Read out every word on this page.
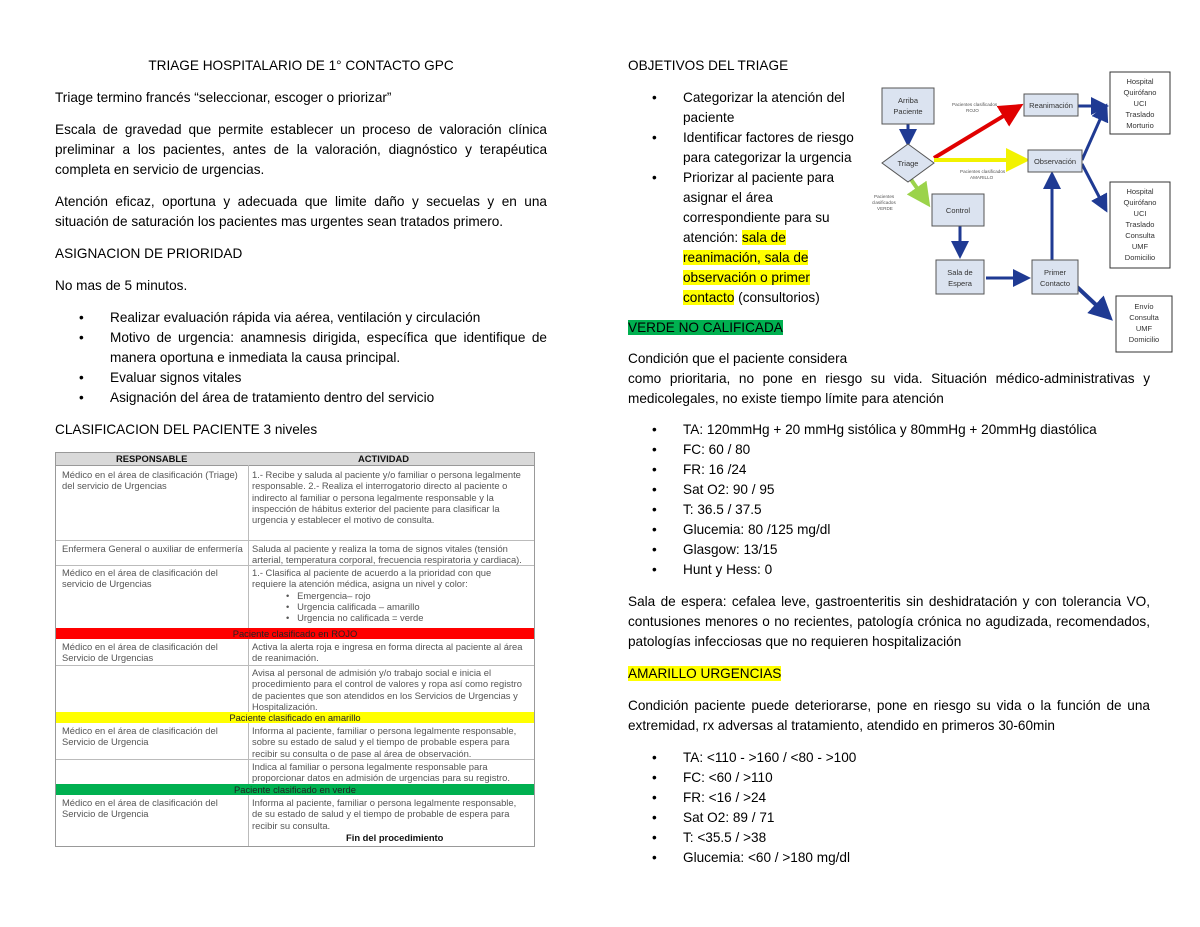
TRIAGE HOSPITALARIO DE 1° CONTACTO GPC

Triage termino francés “seleccionar, escoger o priorizar”

Escala de gravedad que permite establecer un proceso de valoración clínica preliminar a los pacientes, antes de la valoración, diagnóstico y terapéutica completa en servicio de urgencias.

Atención eficaz, oportuna y adecuada que limite daño y secuelas y en una situación de saturación los pacientes mas urgentes sean tratados primero.

ASIGNACION DE PRIORIDAD

No mas de 5 minutos.

• Realizar evaluación rápida via aérea, ventilación y circulación
• Motivo de urgencia: anamnesis dirigida, específica que identifique de manera oportuna e inmediata la causa principal.
• Evaluar signos vitales
• Asignación del área de tratamiento dentro del servicio

CLASIFICACION DEL PACIENTE 3 niveles

RESPONSABLE	ACTIVIDAD
Médico en el área de clasificación (Triage) del servicio de Urgencias
1.- Recibe y saluda al paciente y/o familiar o persona legalmente responsable. 2.- Realiza el interrogatorio directo al paciente o indirecto al familiar o persona legalmente responsable y la inspección de hábitus exterior del paciente para clasificar la urgencia y establecer el motivo de consulta.
Enfermera General o auxiliar de enfermería Saluda al paciente y realiza la toma de signos vitales (tensión arterial, temperatura corporal, frecuencia respiratoria y cardiaca).
Médico en el área de clasificación del servicio de Urgencias
1.- Clasifica al paciente de acuerdo a la prioridad con que requiere la atención médica, asigna un nivel y color:
•   Emergencia– rojo
•   Urgencia calificada – amarillo
•   Urgencia no calificada = verde
Paciente clasificado en ROJO
Médico en el área de clasificación del Servicio de Urgencias
Activa la alerta roja e ingresa en forma directa al paciente al área de reanimación.
Avisa al personal de admisión y/o trabajo social e inicia el procedimiento para el control de valores y ropa así como registro de pacientes que son atendidos en los Servicios de Urgencias y Hospitalización.
Paciente clasificado en amarillo
Médico en el área de clasificación del Servicio de Urgencia
Informa al paciente, familiar o persona legalmente responsable, sobre su estado de salud y el tiempo de probable espera para recibir su consulta o de pase al área de observación.
Indica al familiar o persona legalmente responsable para proporcionar datos en admisión de urgencias para su registro.
Paciente clasificado en verde
Médico en el área de clasificación del Servicio de Urgencia
Informa al paciente, familiar o persona legalmente responsable, de su estado de salud y el tiempo de probable de espera para recibir su consulta.
Fin del procedimiento

OBJETIVOS DEL TRIAGE

• Categorizar la atención del paciente
• Identificar factores de riesgo para categorizar la urgencia
• Priorizar al paciente para asignar el área correspondiente para su atención: sala de reanimación, sala de observación o primer contacto (consultorios)

VERDE NO CALIFICADA

Condición que el paciente considera

como prioritaria, no pone en riesgo su vida. Situación médico-administrativas y medicolegales, no existe tiempo límite para atención

• TA: 120mmHg + 20 mmHg sistólica y 80mmHg + 20mmHg diastólica
• FC: 60 / 80
• FR: 16 /24
• Sat O2: 90 / 95
• T: 36.5 / 37.5
• Glucemia: 80 /125 mg/dl
• Glasgow: 13/15
• Hunt y Hess: 0

Sala de espera: cefalea leve, gastroenteritis sin deshidratación y con tolerancia VO, contusiones menores o no recientes, patología crónica no agudizada, recomendados, patologías infecciosas que no requieren hospitalización

AMARILLO URGENCIAS

Condición paciente puede deteriorarse, pone en riesgo su vida o la función de una extremidad, rx adversas al tratamiento, atendido en primeros 30-60min

• TA: <110 - >160 / <80 - >100
• FC: <60 / >110
• FR: <16 / >24
• Sat O2: 89 / 71
• T: <35.5 / >38
• Glucemia: <60 / >180 mg/dl
Arriba
Paciente
Triage
Control
Sala de
Espera
Primer
Contacto
Reanimación
Observación
Pacientes clasificados
ROJO
Pacientes clasificados
AMARILLO
Pacientes
clasificados
VERDE
Hospital
Quirófano
UCI
Traslado
Morturio
Hospital
Quirófano
UCI
Traslado
Consulta
UMF
Domicilio
Envío
Consulta
UMF
Domicilio
